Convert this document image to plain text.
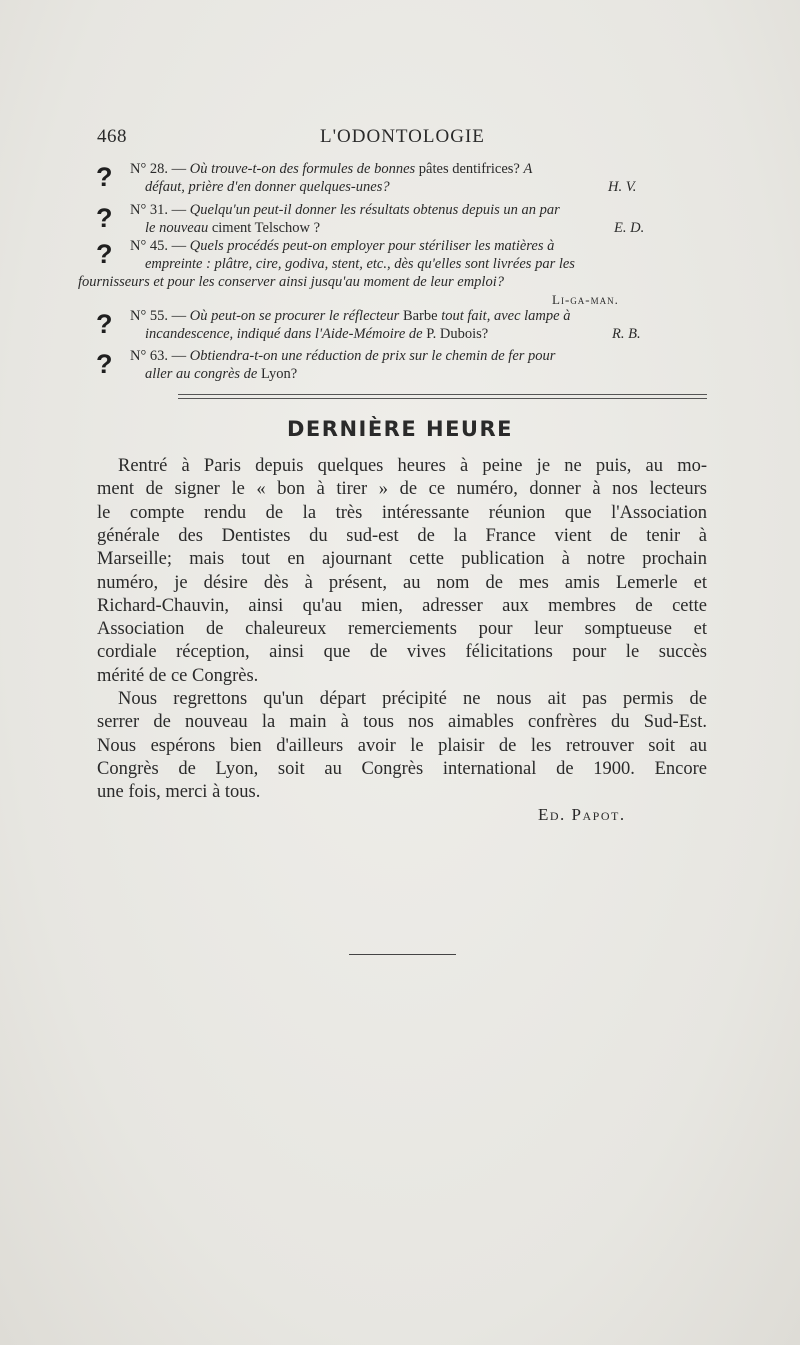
468	L'ODONTOLOGIE
? N° 28. — Où trouve-t-on des formules de bonnes pâtes dentifrices? A
défaut, prière d'en donner quelques-unes?	H. V.
? N° 31. — Quelqu'un peut-il donner les résultats obtenus depuis un an par
le nouveau ciment Telschow ?	E. D.
? N° 45. — Quels procédés peut-on employer pour stériliser les matières à
empreinte : plâtre, cire, godiva, stent, etc., dès qu'elles sont livrées par les
fournisseurs et pour les conserver ainsi jusqu'au moment de leur emploi?
Li-ga-man.
? N° 55. — Où peut-on se procurer le réflecteur Barbe tout fait, avec lampe à
incandescence, indiqué dans l'Aide-Mémoire de P. Dubois?	R. B.
? N° 63. — Obtiendra-t-on une réduction de prix sur le chemin de fer pour
aller au congrès de Lyon?
DERNIÈRE HEURE
Rentré à Paris depuis quelques heures à peine je ne puis, au mo-
ment de signer le « bon à tirer » de ce numéro, donner à nos lecteurs
le compte rendu de la très intéressante réunion que l'Association
générale des Dentistes du sud-est de la France vient de tenir à
Marseille; mais tout en ajournant cette publication à notre prochain
numéro, je désire dès à présent, au nom de mes amis Lemerle et
Richard-Chauvin, ainsi qu'au mien, adresser aux membres de cette
Association de chaleureux remerciements pour leur somptueuse et
cordiale réception, ainsi que de vives félicitations pour le succès
mérité de ce Congrès.
Nous regrettons qu'un départ précipité ne nous ait pas permis de
serrer de nouveau la main à tous nos aimables confrères du Sud-Est.
Nous espérons bien d'ailleurs avoir le plaisir de les retrouver soit au
Congrès de Lyon, soit au Congrès international de 1900. Encore
une fois, merci à tous.
Ed. Papot.
